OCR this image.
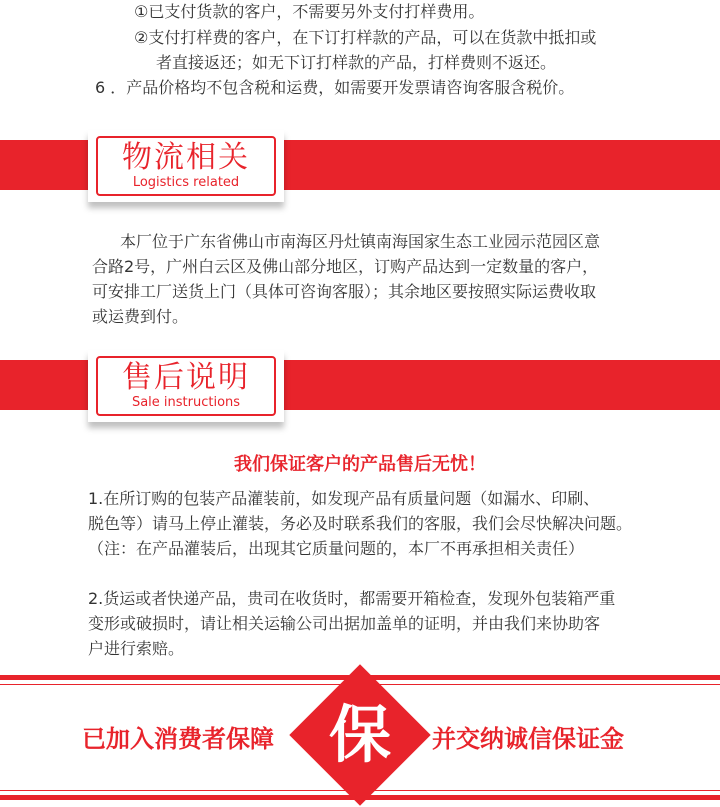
①已支付货款的客户，不需要另外支付打样费用。
②支付打样费的客户，在下订打样款的产品，可以在货款中抵扣或
者直接返还；如无下订打样款的产品，打样费则不返还。
6 ．产品价格均不包含税和运费，如需要开发票请咨询客服含税价。
物流相关
Logistics related
本厂位于广东省佛山市南海区丹灶镇南海国家生态工业园示范园区意
合路2号，广州白云区及佛山部分地区，订购产品达到一定数量的客户，
可安排工厂送货上门（具体可咨询客服）；其余地区要按照实际运费收取
或运费到付。
售后说明
Sale instructions
我们保证客户的产品售后无忧！
1.在所订购的包装产品灌装前，如发现产品有质量问题（如漏水、印刷、
脱色等）请马上停止灌装，务必及时联系我们的客服，我们会尽快解决问题。
（注：在产品灌装后，出现其它质量问题的，本厂不再承担相关责任）
2.货运或者快递产品，贵司在收货时，都需要开箱检查，发现外包装箱严重
变形或破损时，请让相关运输公司出据加盖单的证明，并由我们来协助客
户进行索赔。
已加入消费者保障 保	并交纳诚信保证金
